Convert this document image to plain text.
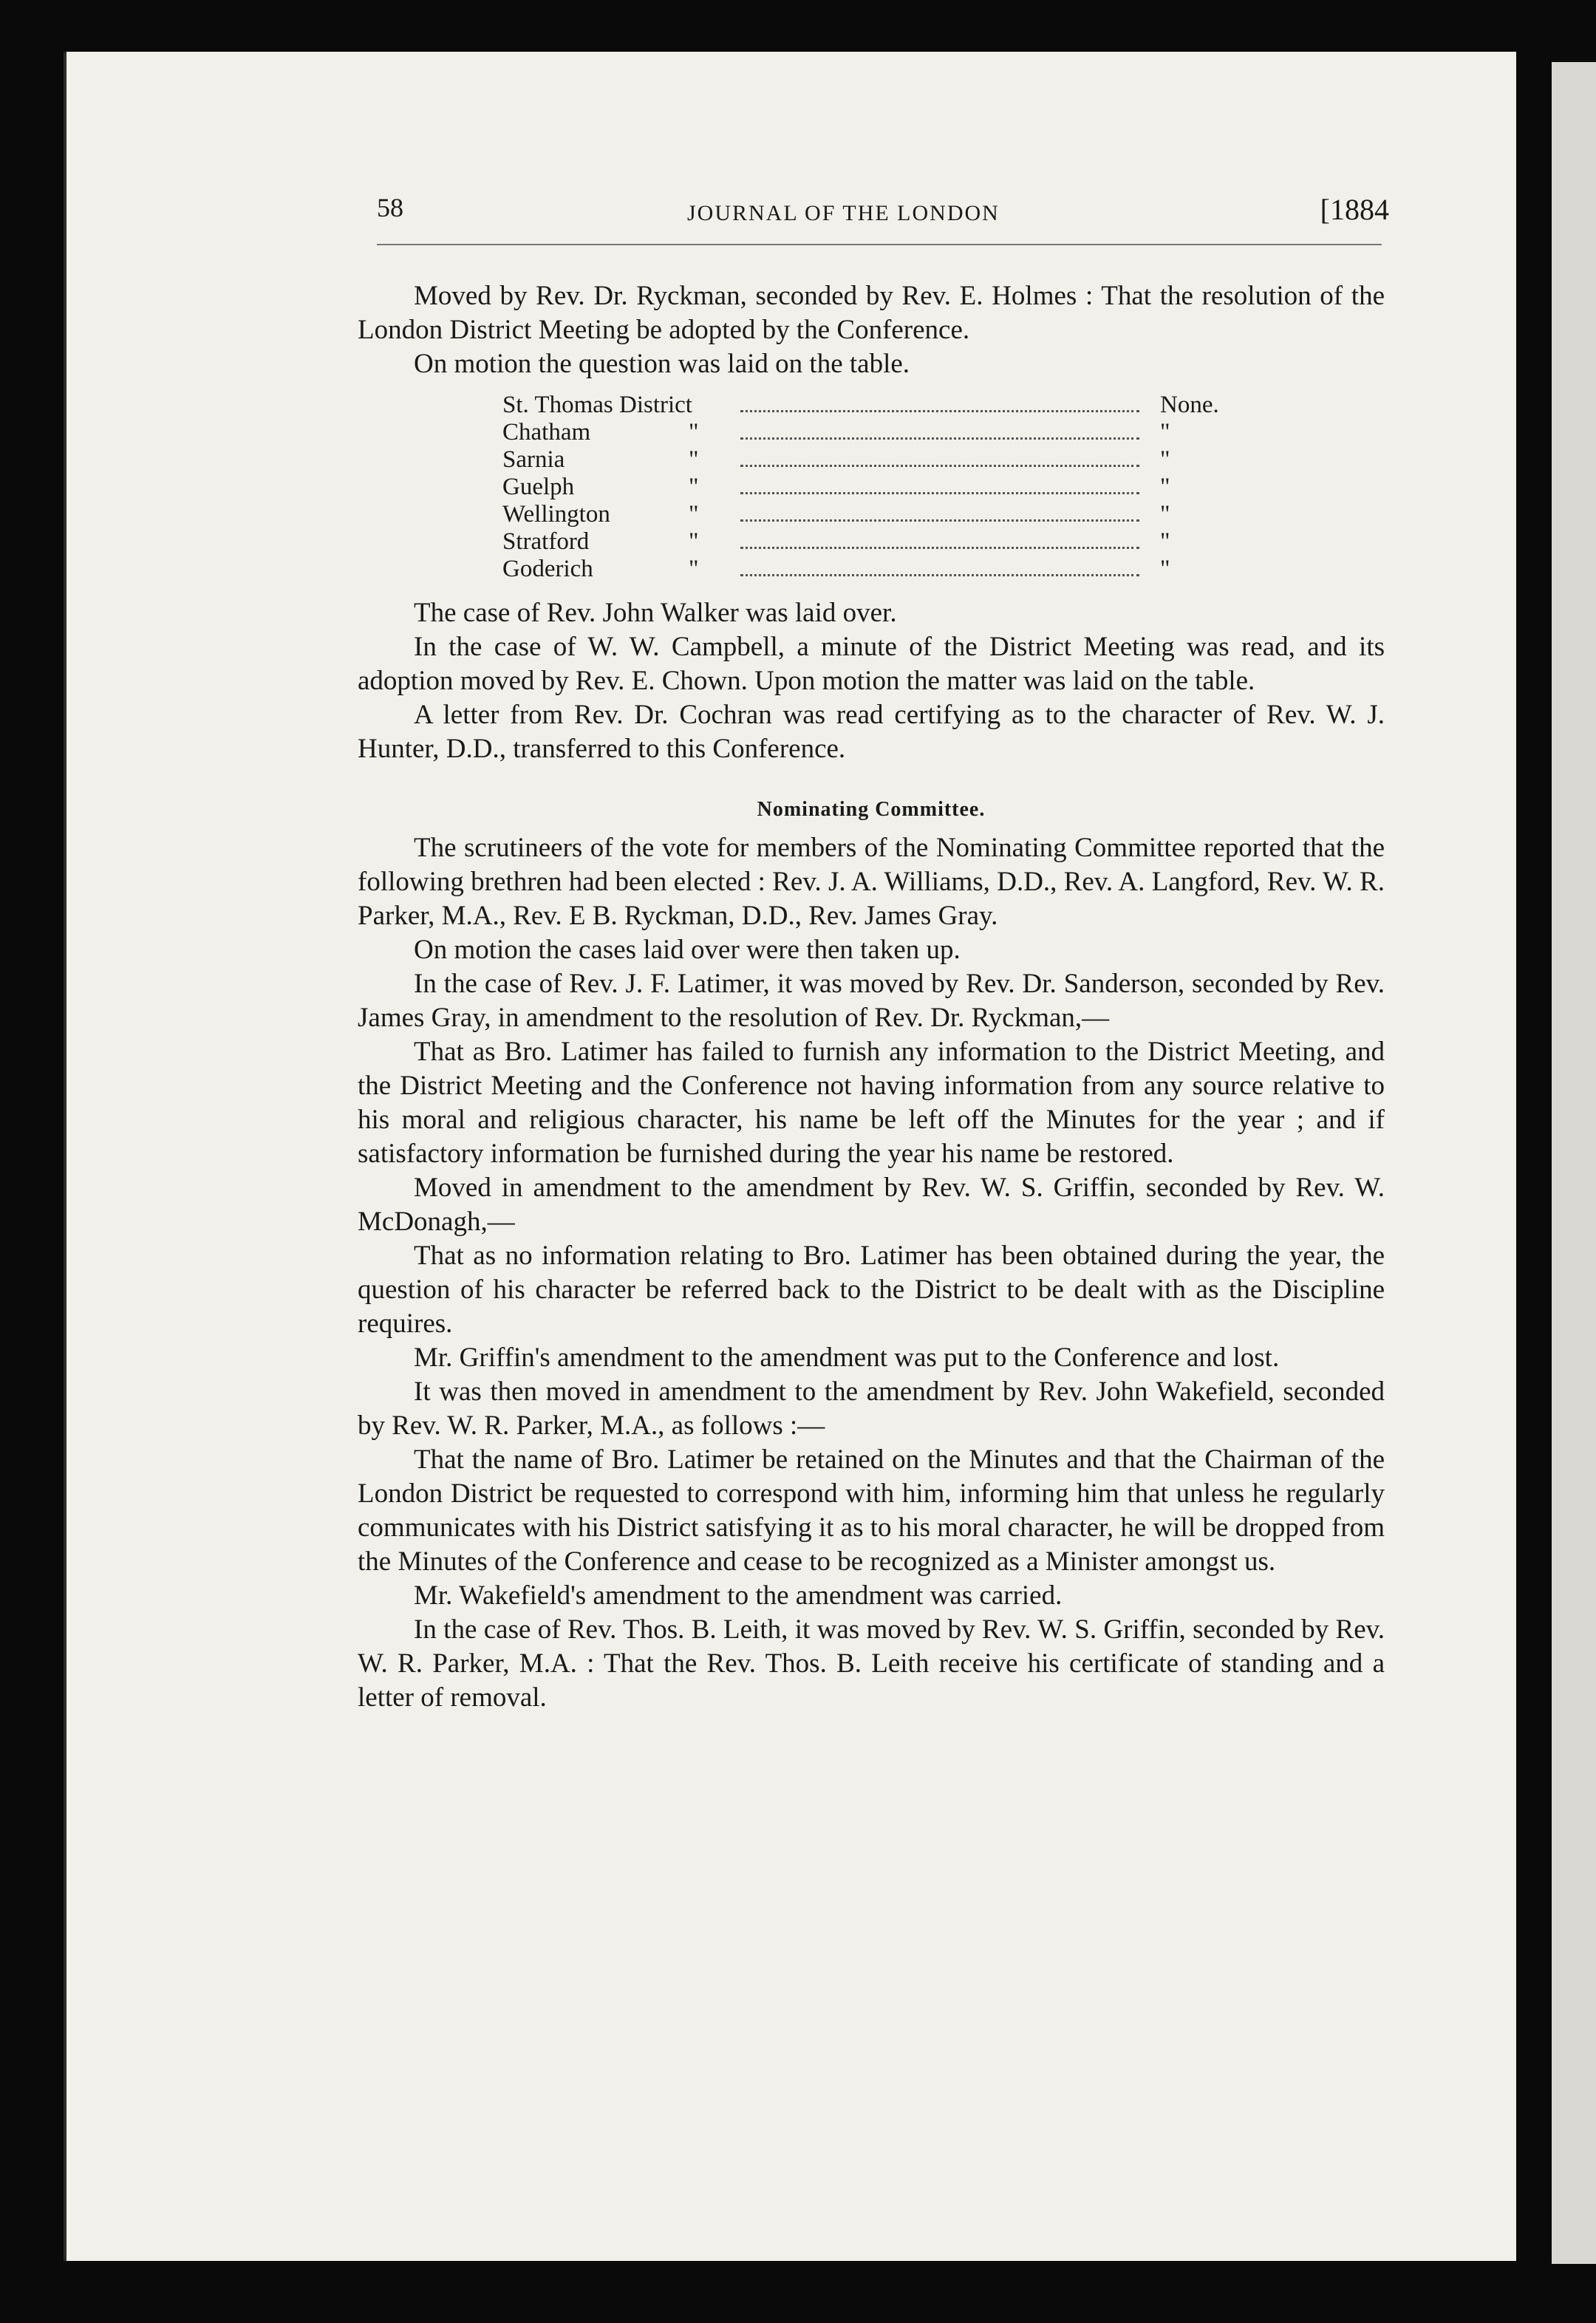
58	JOURNAL OF THE LONDON	[1884

Moved by Rev. Dr. Ryckman, seconded by Rev. E. Holmes : That the resolution of the London District Meeting be adopted by the Conference.

On motion the question was laid on the table.

St. Thomas District	None.
Chatham	"	"
Sarnia	"	"
Guelph	"	"
Wellington	"	"
Stratford	"	"
Goderich	"	"

The case of Rev. John Walker was laid over.

In the case of W. W. Campbell, a minute of the District Meeting was read, and its adoption moved by Rev. E. Chown. Upon motion the matter was laid on the table.

A letter from Rev. Dr. Cochran was read certifying as to the character of Rev. W. J. Hunter, D.D., transferred to this Conference.

Nominating Committee.

The scrutineers of the vote for members of the Nominating Committee reported that the following brethren had been elected : Rev. J. A. Williams, D.D., Rev. A. Langford, Rev. W. R. Parker, M.A., Rev. E B. Ryckman, D.D., Rev. James Gray.

On motion the cases laid over were then taken up.

In the case of Rev. J. F. Latimer, it was moved by Rev. Dr. Sanderson, seconded by Rev. James Gray, in amendment to the resolution of Rev. Dr. Ryckman,—

That as Bro. Latimer has failed to furnish any information to the District Meeting, and the District Meeting and the Conference not having information from any source relative to his moral and religious character, his name be left off the Minutes for the year ; and if satisfactory information be furnished during the year his name be restored.

Moved in amendment to the amendment by Rev. W. S. Griffin, seconded by Rev. W. McDonagh,—

That as no information relating to Bro. Latimer has been obtained during the year, the question of his character be referred back to the District to be dealt with as the Discipline requires.

Mr. Griffin's amendment to the amendment was put to the Conference and lost.

It was then moved in amendment to the amendment by Rev. John Wakefield, seconded by Rev. W. R. Parker, M.A., as follows :—

That the name of Bro. Latimer be retained on the Minutes and that the Chairman of the London District be requested to correspond with him, informing him that unless he regularly communicates with his District satisfying it as to his moral character, he will be dropped from the Minutes of the Conference and cease to be recognized as a Minister amongst us.

Mr. Wakefield's amendment to the amendment was carried.

In the case of Rev. Thos. B. Leith, it was moved by Rev. W. S. Griffin, seconded by Rev. W. R. Parker, M.A. : That the Rev. Thos. B. Leith receive his certificate of standing and a letter of removal.
